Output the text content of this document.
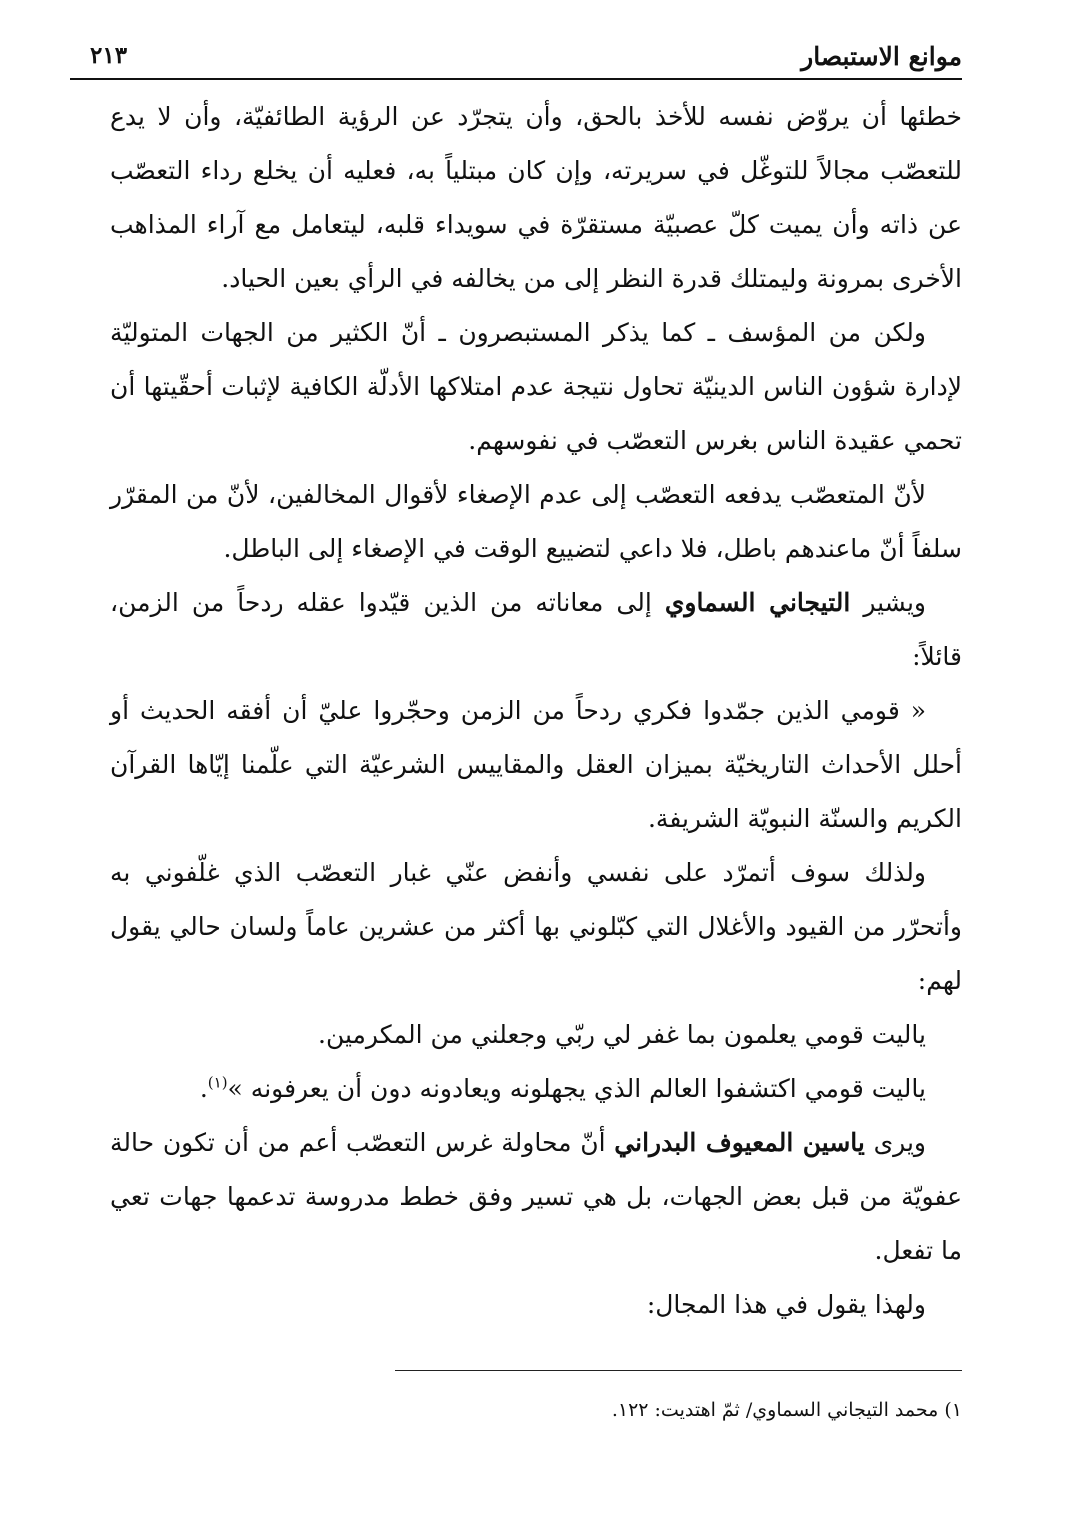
موانع الاستبصار
٢١٣

خطئها أن يروّض نفسه للأخذ بالحق، وأن يتجرّد عن الرؤية الطائفيّة، وأن لا يدع للتعصّب مجالاً للتوغّل في سريرته، وإن كان مبتلياً به، فعليه أن يخلع رداء التعصّب عن ذاته وأن يميت كلّ عصبيّة مستقرّة في سويداء قلبه، ليتعامل مع آراء المذاهب الأخرى بمرونة وليمتلك قدرة النظر إلى من يخالفه في الرأي بعين الحياد.

ولكن من المؤسف ـ كما يذكر المستبصرون ـ أنّ الكثير من الجهات المتوليّة لإدارة شؤون الناس الدينيّة تحاول نتيجة عدم امتلاكها الأدلّة الكافية لإثبات أحقّيتها أن تحمي عقيدة الناس بغرس التعصّب في نفوسهم.

لأنّ المتعصّب يدفعه التعصّب إلى عدم الإصغاء لأقوال المخالفين، لأنّ من المقرّر سلفاً أنّ ماعندهم باطل، فلا داعي لتضييع الوقت في الإصغاء إلى الباطل.

ويشير التيجاني السماوي إلى معاناته من الذين قيّدوا عقله ردحاً من الزمن، قائلاً:

« قومي الذين جمّدوا فكري ردحاً من الزمن وحجّروا عليّ أن أفقه الحديث أو أحلل الأحداث التاريخيّة بميزان العقل والمقاييس الشرعيّة التي علّمنا إيّاها القرآن الكريم والسنّة النبويّة الشريفة.

ولذلك سوف أتمرّد على نفسي وأنفض عنّي غبار التعصّب الذي غلّفوني به وأتحرّر من القيود والأغلال التي كبّلوني بها أكثر من عشرين عاماً ولسان حالي يقول لهم:

ياليت قومي يعلمون بما غفر لي ربّي وجعلني من المكرمين.

ياليت قومي اكتشفوا العالم الذي يجهلونه ويعادونه دون أن يعرفونه »$^{(١)}$.

ويرى ياسين المعيوف البدراني أنّ محاولة غرس التعصّب أعم من أن تكون حالة عفويّة من قبل بعض الجهات، بل هي تسير وفق خطط مدروسة تدعمها جهات تعي ما تفعل.

ولهذا يقول في هذا المجال:

١) محمد التيجاني السماوي/ ثمّ اهتديت: ١٢٢.
